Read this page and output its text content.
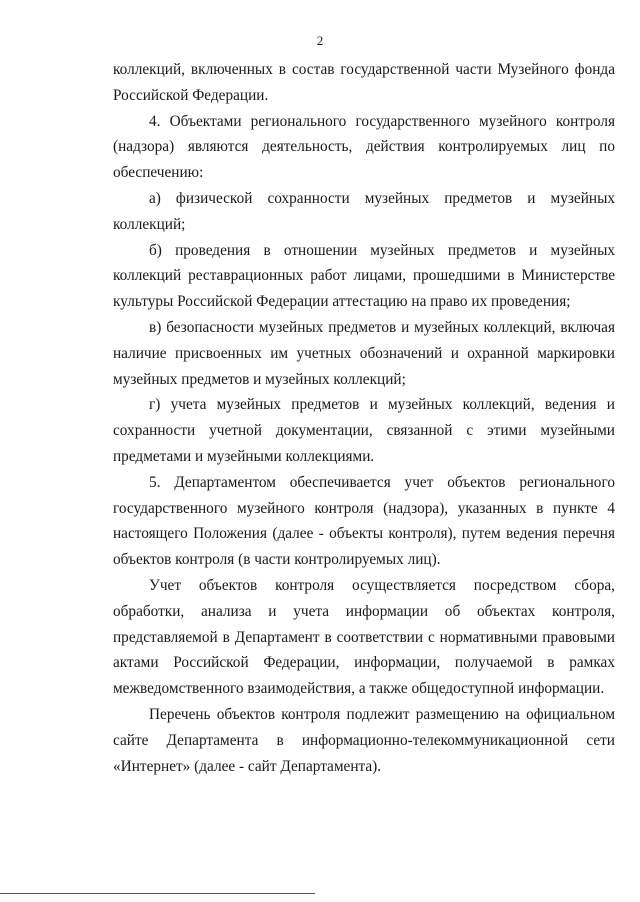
2

коллекций, включенных в состав государственной части Музейного фонда Российской Федерации.

4. Объектами регионального государственного музейного контроля (надзора) являются деятельность, действия контролируемых лиц по обеспечению:

а) физической сохранности музейных предметов и музейных коллекций;

б) проведения в отношении музейных предметов и музейных коллекций реставрационных работ лицами, прошедшими в Министерстве культуры Российской Федерации аттестацию на право их проведения;

в) безопасности музейных предметов и музейных коллекций, включая наличие присвоенных им учетных обозначений и охранной маркировки музейных предметов и музейных коллекций;

г) учета музейных предметов и музейных коллекций, ведения и сохранности учетной документации, связанной с этими музейными предметами и музейными коллекциями.

5. Департаментом обеспечивается учет объектов регионального государственного музейного контроля (надзора), указанных в пункте 4 настоящего Положения (далее - объекты контроля), путем ведения перечня объектов контроля (в части контролируемых лиц).

Учет объектов контроля осуществляется посредством сбора, обработки, анализа и учета информации об объектах контроля, представляемой в Департамент в соответствии с нормативными правовыми актами Российской Федерации, информации, получаемой в рамках межведомственного взаимодействия, а также общедоступной информации.

Перечень объектов контроля подлежит размещению на официальном сайте Департамента в информационно-телекоммуникационной сети «Интернет» (далее - сайт Департамента).
